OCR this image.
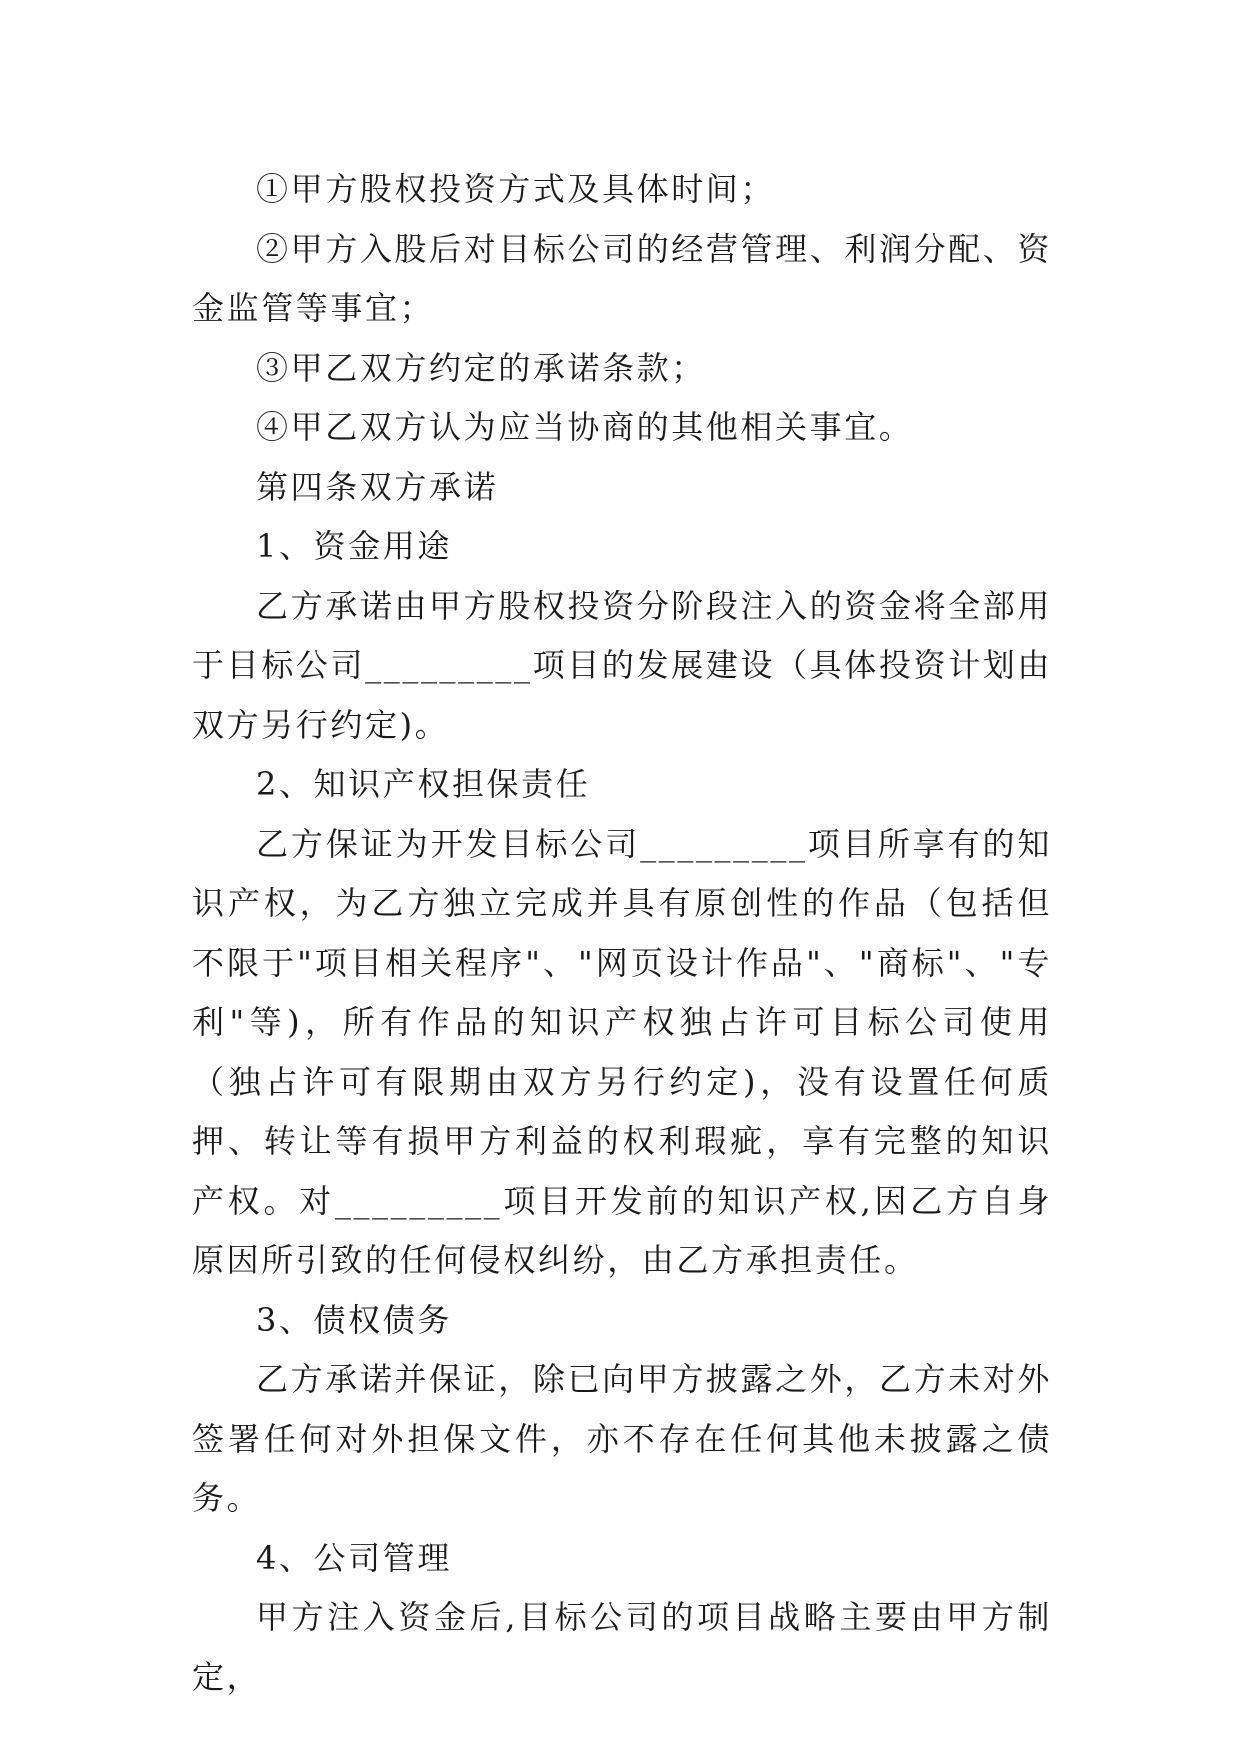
①甲方股权投资方式及具体时间；

②甲方入股后对目标公司的经营管理、利润分配、资金监管等事宜；

③甲乙双方约定的承诺条款；

④甲乙双方认为应当协商的其他相关事宜。

第四条双方承诺

1、资金用途

乙方承诺由甲方股权投资分阶段注入的资金将全部用于目标公司_________项目的发展建设（具体投资计划由双方另行约定)。

2、知识产权担保责任

乙方保证为开发目标公司_________项目所享有的知识产权，为乙方独立完成并具有原创性的作品（包括但不限于"项目相关程序"、"网页设计作品"、"商标"、"专利"等)，所有作品的知识产权独占许可目标公司使用（独占许可有限期由双方另行约定)，没有设置任何质押、转让等有损甲方利益的权利瑕疵，享有完整的知识产权。对_________项目开发前的知识产权,因乙方自身原因所引致的任何侵权纠纷，由乙方承担责任。

3、债权债务

乙方承诺并保证，除已向甲方披露之外，乙方未对外签署任何对外担保文件，亦不存在任何其他未披露之债务。

4、公司管理

甲方注入资金后,目标公司的项目战略主要由甲方制定，
